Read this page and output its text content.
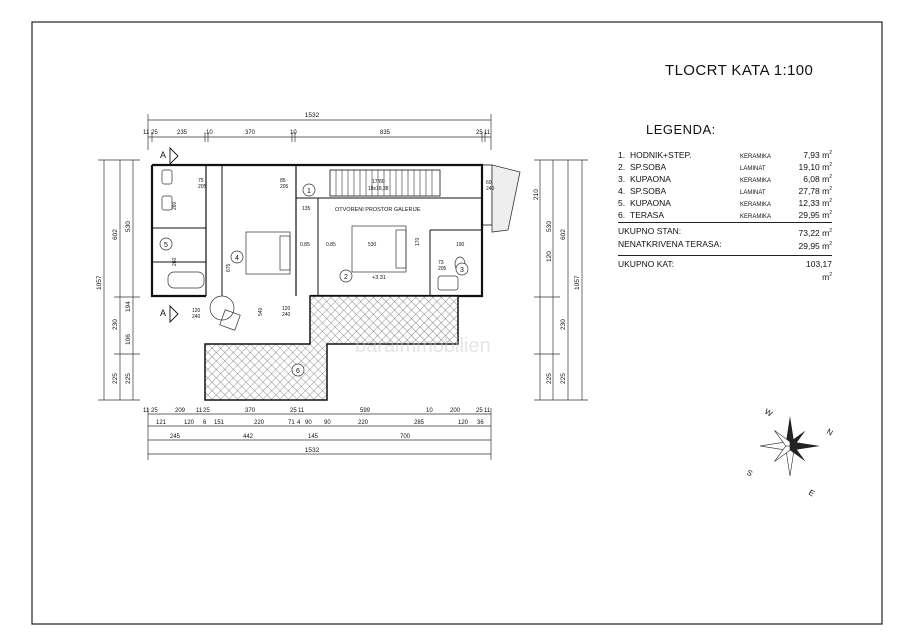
1532
11 25	235	10	370	10	835	25 11
1057
602
530
230
225 225
194
106
1057
602
530
230
225
120
210
225
A
A
OTVORENI PROSTOR GALERIJE
17/80
18x18,38
+3.31
1
2
3
4
5
6
75
205
260
260
85
205
135
675
540
530	170	190
73
205
120
240
120
240
60
240
0.85	0.85
11 25	209 11 25	370	25 11	599	10	200	25 11
121	120 6 151	220	71 4 90 90	220	285	120 36
245	442	145	700
1532
baraimmobilien
N
E
S
W
TLOCRT KATA 1:100
LEGENDA:
1. HODNIK+STEP.	KERAMIKA	7,93 $m^2$
2. SP.SOBA	LAMINAT	19,10 $m^2$
3. KUPAONA	KERAMIKA	6,08 $m^2$
4. SP.SOBA	LAMINAT	27,78 $m^2$
5. KUPAONA	KERAMIKA	12,33 $m^2$
6. TERASA	KERAMIKA	29,95 $m^2$
UKUPNO STAN:	73,22 $m^2$
NENATKRIVENA TERASA:	29,95 $m^2$
UKUPNO KAT:	103,17 $m^2$
